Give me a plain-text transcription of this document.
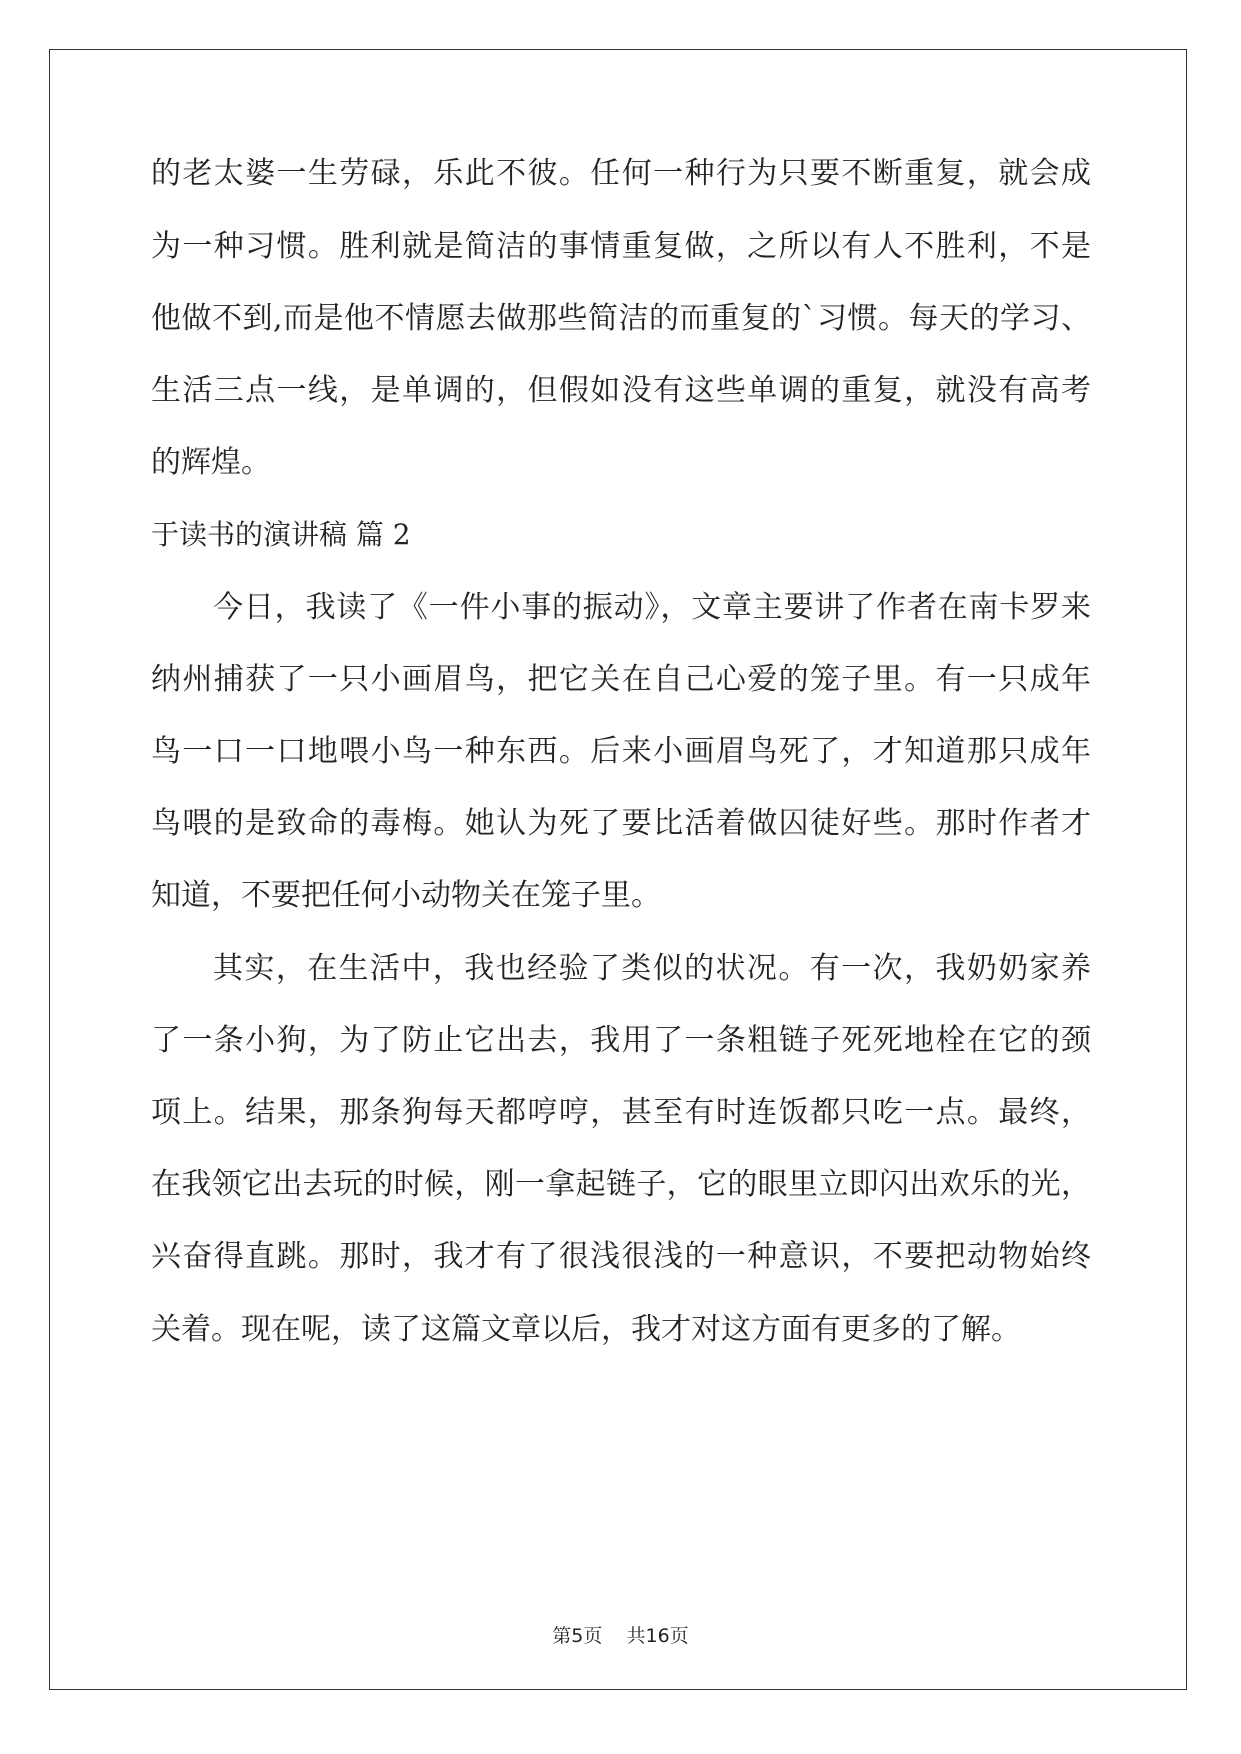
的老太婆一生劳碌，乐此不彼。任何一种行为只要不断重复，就会成
为一种习惯。胜利就是简洁的事情重复做，之所以有人不胜利，不是
他做不到,而是他不情愿去做那些简洁的而重复的`习惯。每天的学习、
生活三点一线，是单调的，但假如没有这些单调的重复，就没有高考
的辉煌。
于读书的演讲稿 篇 2
今日，我读了《一件小事的振动》，文章主要讲了作者在南卡罗来
纳州捕获了一只小画眉鸟，把它关在自己心爱的笼子里。有一只成年
鸟一口一口地喂小鸟一种东西。后来小画眉鸟死了，才知道那只成年
鸟喂的是致命的毒梅。她认为死了要比活着做囚徒好些。那时作者才
知道，不要把任何小动物关在笼子里。
其实，在生活中，我也经验了类似的状况。有一次，我奶奶家养
了一条小狗，为了防止它出去，我用了一条粗链子死死地栓在它的颈
项上。结果，那条狗每天都哼哼，甚至有时连饭都只吃一点。最终，
在我领它出去玩的时候，刚一拿起链子，它的眼里立即闪出欢乐的光，
兴奋得直跳。那时，我才有了很浅很浅的一种意识，不要把动物始终
关着。现在呢，读了这篇文章以后，我才对这方面有更多的了解。
第5页 共16页
